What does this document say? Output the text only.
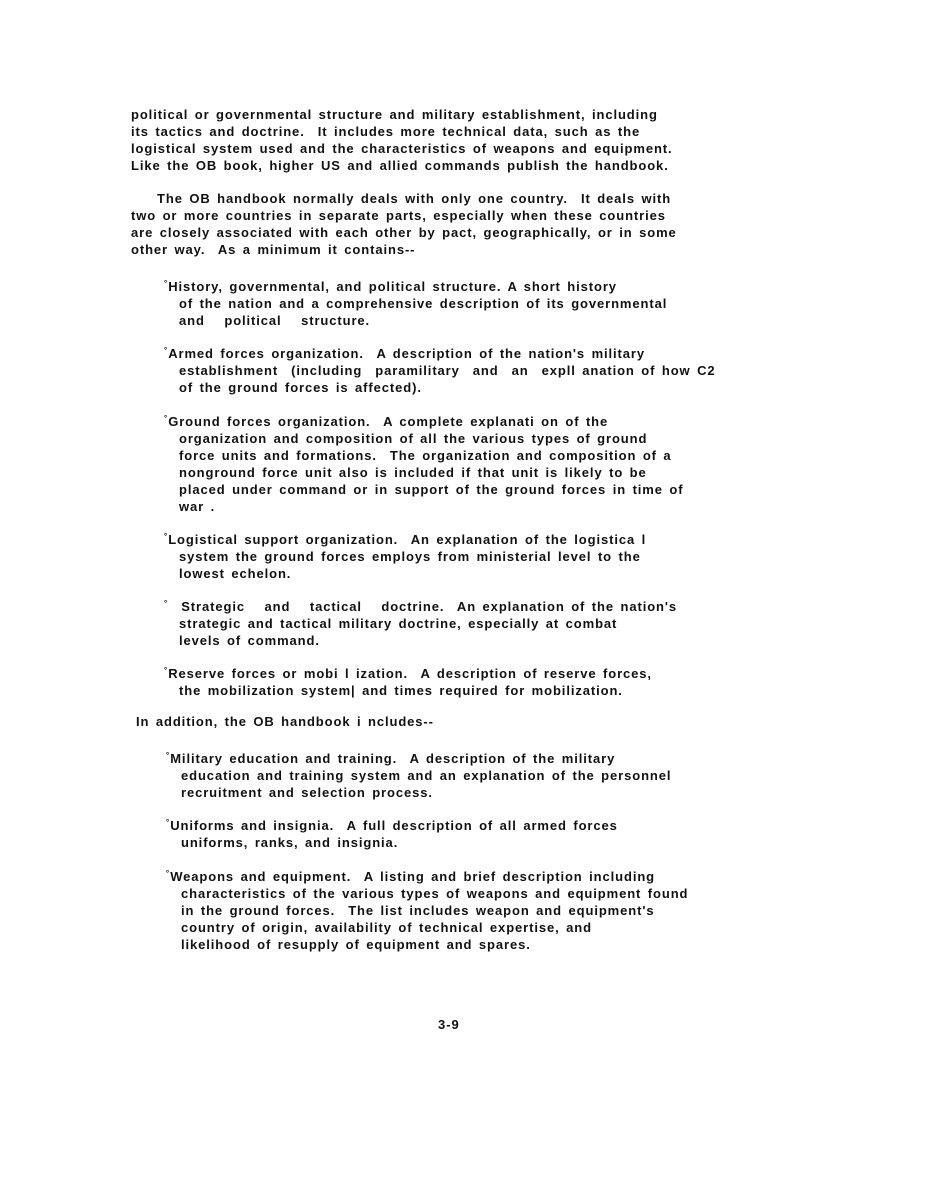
political or governmental structure and military establishment, including
its tactics and doctrine.  It includes more technical data, such as the
logistical system used and the characteristics of weapons and equipment.
Like the OB book, higher US and allied commands publish the handbook.
The OB handbook normally deals with only one country.  It deals with
two or more countries in separate parts, especially when these countries
are closely associated with each other by pact, geographically, or in some
other way.  As a minimum it contains--
°History, governmental, and political structure. A short history
of the nation and a comprehensive description of its governmental
and   political   structure.
°Armed forces organization.  A description of the nation's military
establishment  (including  paramilitary  and  an  expll anation of how C2
of the ground forces is affected).
°Ground forces organization.  A complete explanati on of the
organization and composition of all the various types of ground
force units and formations.  The organization and composition of a
nonground force unit also is included if that unit is likely to be
placed under command or in support of the ground forces in time of
war .
°Logistical support organization.  An explanation of the logistica l
system the ground forces employs from ministerial level to the
lowest echelon.
°  Strategic   and   tactical   doctrine.  An explanation of the nation's
strategic and tactical military doctrine, especially at combat
levels of command.
°Reserve forces or mobi l ization.  A description of reserve forces,
the mobilization system| and times required for mobilization.
In addition, the OB handbook i ncludes--
°Military education and training.  A description of the military
education and training system and an explanation of the personnel
recruitment and selection process.
°Uniforms and insignia.  A full description of all armed forces
uniforms, ranks, and insignia.
°Weapons and equipment.  A listing and brief description including
characteristics of the various types of weapons and equipment found
in the ground forces.  The list includes weapon and equipment's
country of origin, availability of technical expertise, and
likelihood of resupply of equipment and spares.
3-9
